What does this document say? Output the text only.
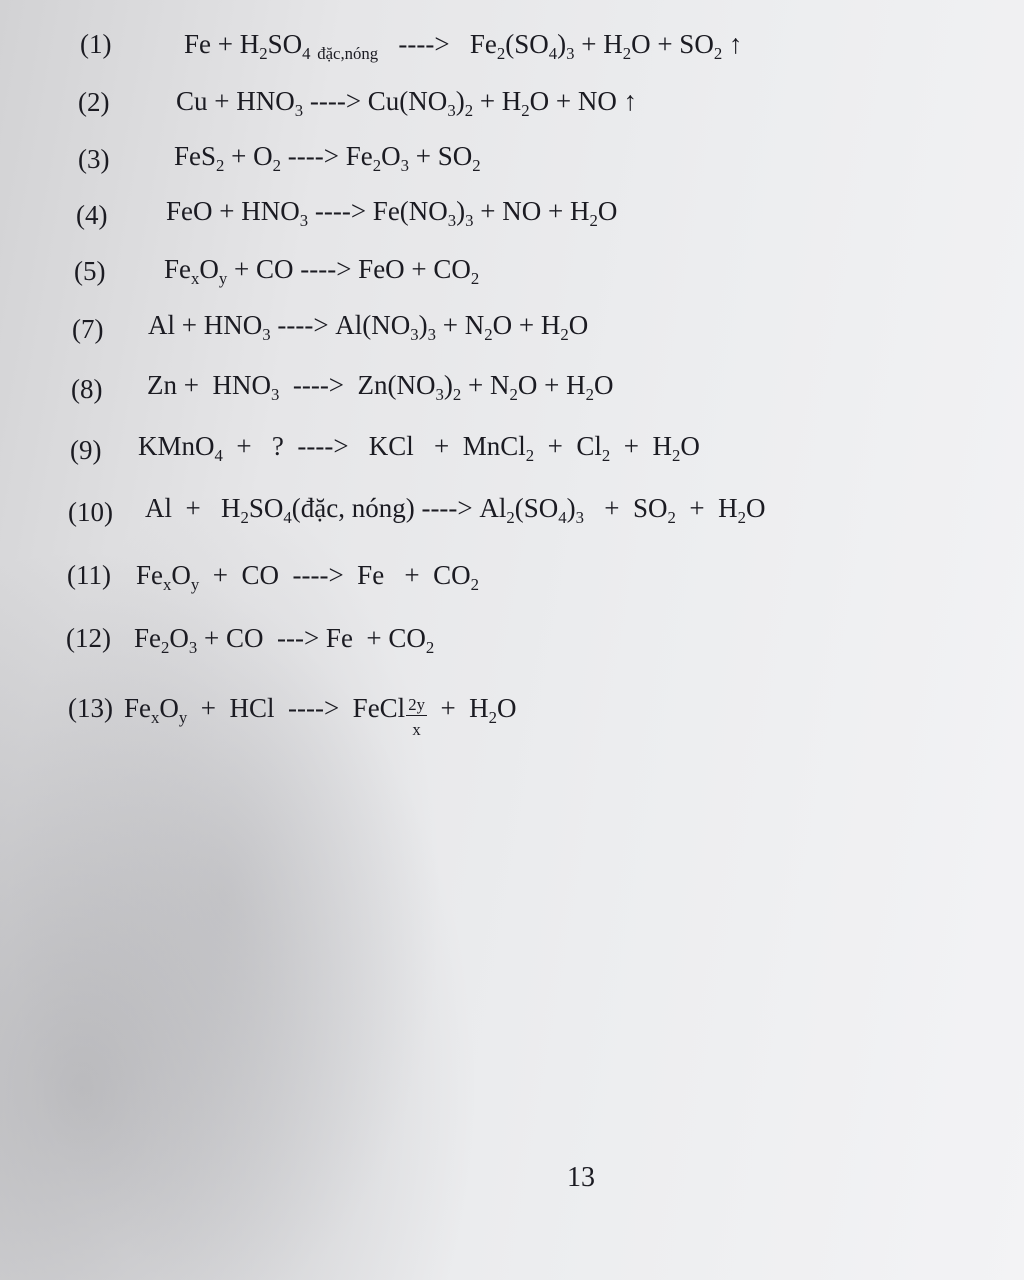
(1)	$Fe + H_2SO_4$ $_{đặc,nóng}$ ----> $Fe_2(SO_4)_3 + H_2O + SO_2$ ↑
(2) $Cu + HNO_3$ ----> $Cu(NO_3)_2 + H_2O$ + NO ↑
(3) $FeS_2 + O_2$ ----> $Fe_2O_3 + SO_2$
(4) FeO + $HNO_3$ ----> $Fe(NO_3)_3$ + NO + $H_2O$
(5) $Fe_xO_y$ + CO ----> FeO + $CO_2$
(7) $Al + HNO_3$ ----> $Al(NO_3)_3 + N_2O + H_2O$
(8) $Zn + HNO_3$  ---->  $Zn(NO_3)_2 + N_2O + H_2O$
(9) KMnO$_4$  +   ?  ---->   KCl   +  MnCl$_2$  +  $Cl_2 + H_2O$
(10) $Al + H_2SO_4(đặc$, nóng) ----> $Al_2(SO_4)_3 + SO_2 + H_2O$
(11) $Fe_xO_y$  +  CO  ---->  $Fe + CO_2$
(12) $Fe_2O_3$ + CO  ---> $Fe + CO_2$
(13) $Fe_xO_y$  +  HCl  ---->  FeCl $\frac{2y}{x} + H_2O$
13
